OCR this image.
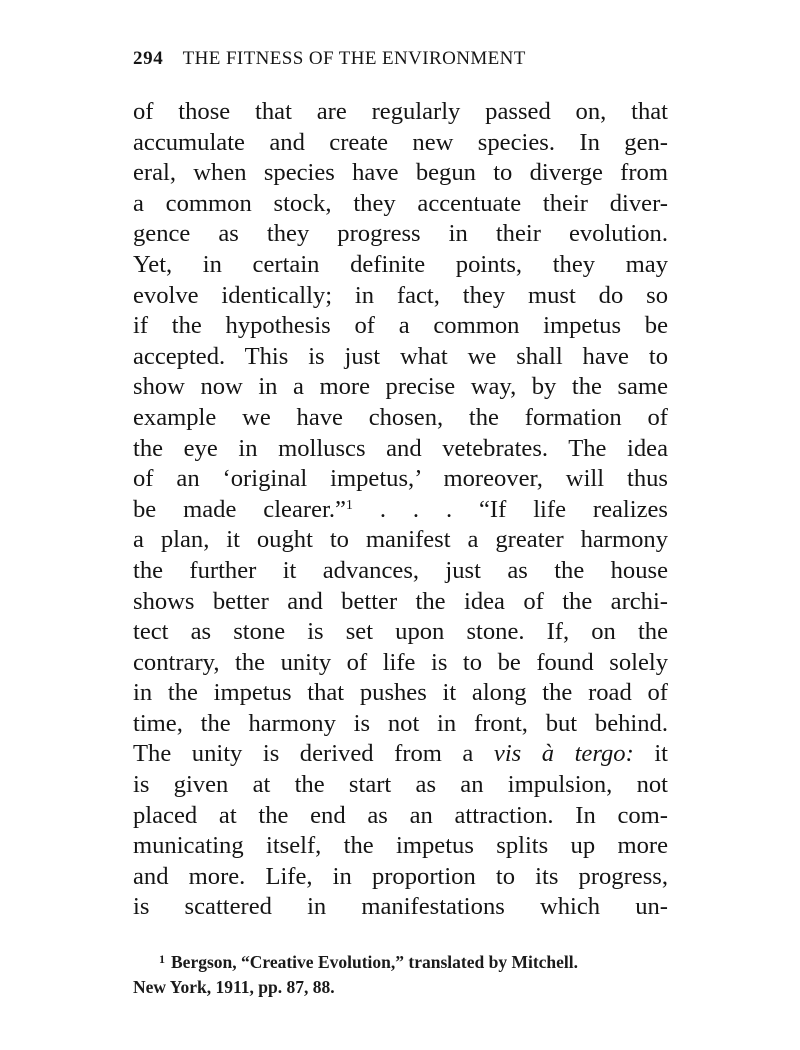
294 THE FITNESS OF THE ENVIRONMENT
of those that are regularly passed on, that
accumulate and create new species. In gen-
eral, when species have begun to diverge from
a common stock, they accentuate their diver-
gence as they progress in their evolution.
Yet, in certain definite points, they may
evolve identically; in fact, they must do so
if the hypothesis of a common impetus be
accepted. This is just what we shall have to
show now in a more precise way, by the same
example we have chosen, the formation of
the eye in molluscs and vetebrates. The idea
of an ‘original impetus,’ moreover, will thus
be made clearer.”$^1$ . . . “If life realizes
a plan, it ought to manifest a greater harmony
the further it advances, just as the house
shows better and better the idea of the archi-
tect as stone is set upon stone. If, on the
contrary, the unity of life is to be found solely
in the impetus that pushes it along the road of
time, the harmony is not in front, but behind.
The unity is derived from a vis à tergo: it
is given at the start as an impulsion, not
placed at the end as an attraction. In com-
municating itself, the impetus splits up more
and more. Life, in proportion to its progress,
is scattered in manifestations which un-
$^1$ Bergson, “Creative Evolution,” translated by Mitchell.
New York, 1911, pp. 87, 88.
